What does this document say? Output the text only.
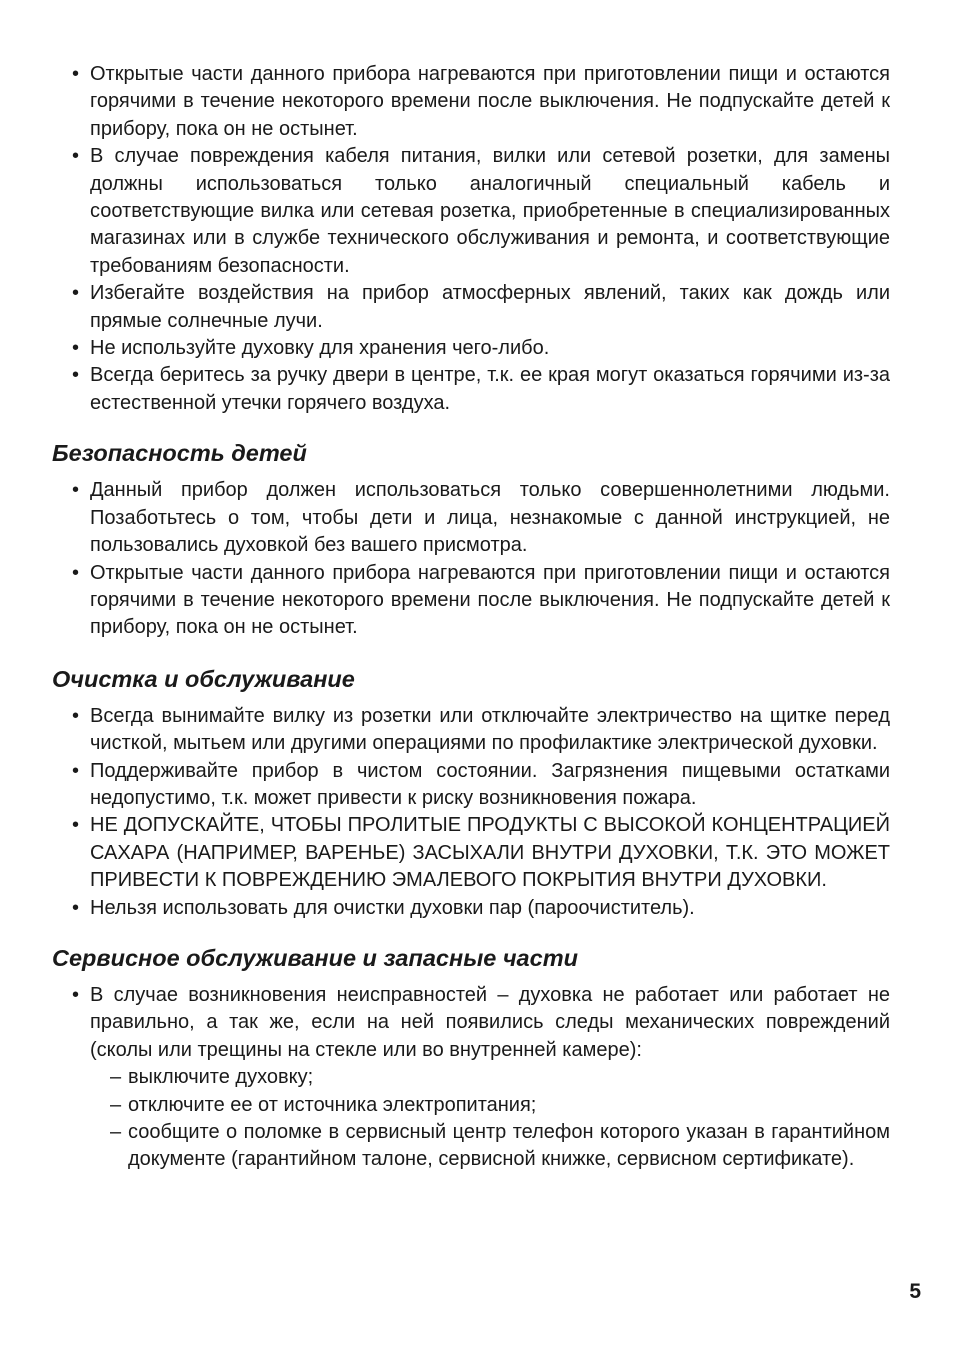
• Открытые части данного прибора нагреваются при приготовлении пищи и остаются горячими в течение некоторого времени после выключения. Не подпускайте детей к прибору, пока он не остынет.
• В случае повреждения кабеля питания, вилки или сетевой розетки, для замены должны использоваться только аналогичный специальный кабель и соответствующие вилка или сетевая розетка, приобретенные в специализированных магазинах или в службе технического обслуживания и ремонта, и соответствующие требованиям безопасности.
• Избегайте воздействия на прибор атмосферных явлений, таких как дождь или прямые солнечные лучи.
• Не используйте духовку для хранения чего-либо.
• Всегда беритесь за ручку двери в центре, т.к. ее края могут оказаться горячими из-за естественной утечки горячего воздуха.
Безопасность детей
• Данный прибор должен использоваться только совершеннолетними людьми. Позаботьтесь о том, чтобы дети и лица, незнакомые с данной инструкцией, не пользовались духовкой без вашего присмотра.
• Открытые части данного прибора нагреваются при приготовлении пищи и остаются горячими в течение некоторого времени после выключения. Не подпускайте детей к прибору, пока он не остынет.
Очистка и обслуживание
• Всегда вынимайте вилку из розетки или отключайте электричество на щитке перед чисткой, мытьем или другими операциями по профилактике электрической духовки.
• Поддерживайте прибор в чистом состоянии. Загрязнения пищевыми остатками недопустимо, т.к. может привести к риску возникновения пожара.
• НЕ ДОПУСКАЙТЕ, ЧТОБЫ ПРОЛИТЫЕ ПРОДУКТЫ С ВЫСОКОЙ КОНЦЕНТРАЦИЕЙ САХАРА (НАПРИМЕР, ВАРЕНЬЕ) ЗАСЫХАЛИ ВНУТРИ ДУХОВКИ, Т.К. ЭТО МОЖЕТ ПРИВЕСТИ К ПОВРЕЖДЕНИЮ ЭМАЛЕВОГО ПОКРЫТИЯ ВНУТРИ ДУХОВКИ.
• Нельзя использовать для очистки духовки пар (пароочиститель).
Сервисное обслуживание и запасные части
• В случае возникновения неисправностей – духовка не работает или работает не правильно, а так же, если на ней появились следы механических повреждений (сколы или трещины на стекле или во внутренней камере):
– выключите духовку;
– отключите ее от источника электропитания;
– сообщите о поломке в сервисный центр телефон которого указан в гарантийном документе (гарантийном талоне, сервисной книжке, сервисном сертификате).
5
